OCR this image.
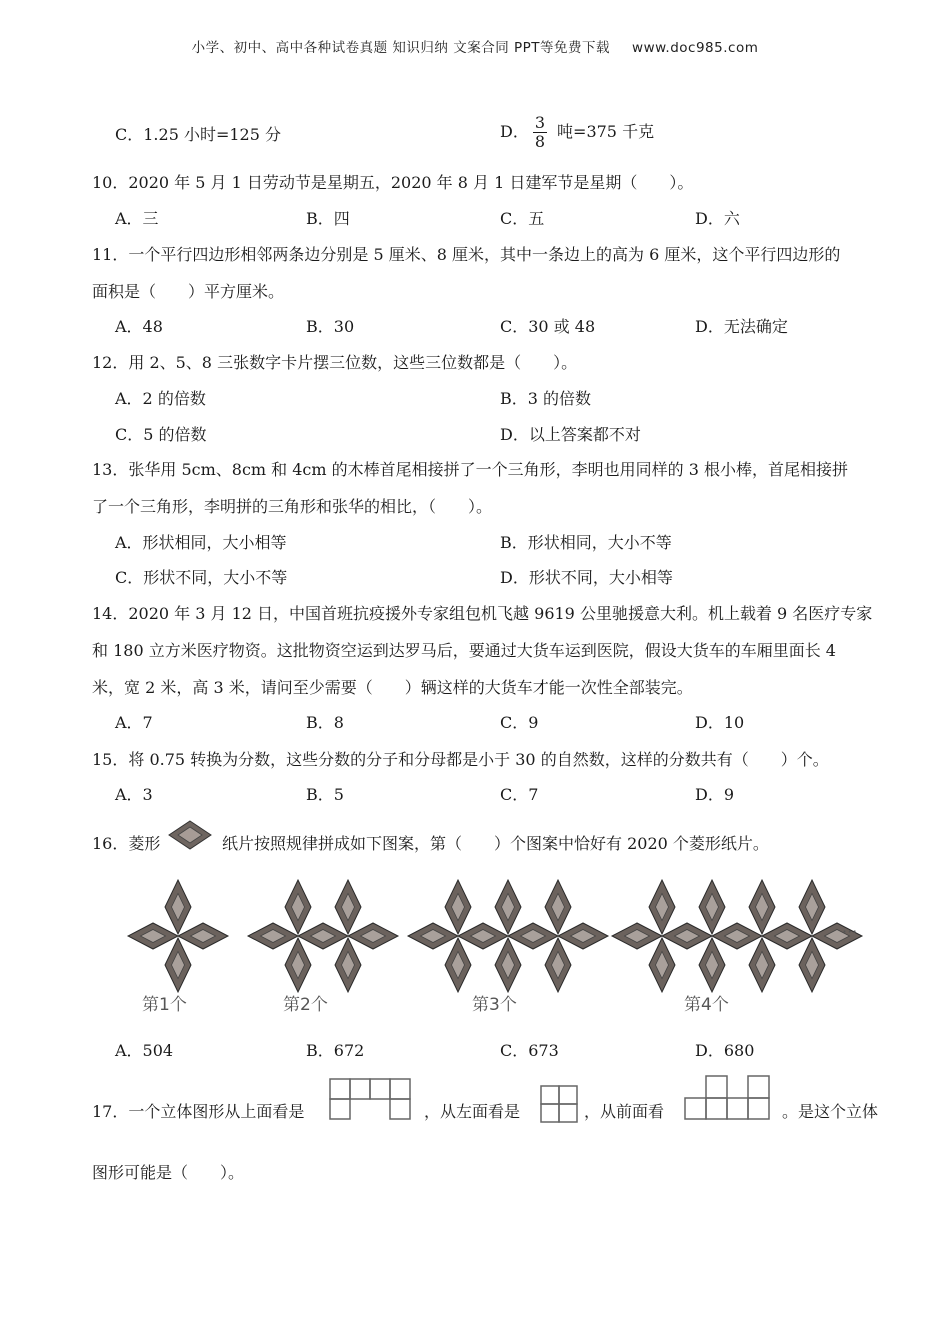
小学、初中、高中各种试卷真题 知识归纳 文案合同 PPT等免费下载 www.doc985.com
C．1.25 小时=125 分	D． $\frac{3}{8}$ 吨=375 千克
10．2020 年 5 月 1 日劳动节是星期五，2020 年 8 月 1 日建军节是星期（　　）。
A．三	B．四	C．五	D．六
11．一个平行四边形相邻两条边分别是 5 厘米、8 厘米，其中一条边上的高为 6 厘米，这个平行四边形的
面积是（　　）平方厘米。
A．48	B．30	C．30 或 48	D．无法确定
12．用 2、5、8 三张数字卡片摆三位数，这些三位数都是（　　）。
A．2 的倍数	B．3 的倍数
C．5 的倍数	D．以上答案都不对
13．张华用 5cm、8cm 和 4cm 的木棒首尾相接拼了一个三角形，李明也用同样的 3 根小棒，首尾相接拼
了一个三角形，李明拼的三角形和张华的相比，（　　）。
A．形状相同，大小相等	B．形状相同，大小不等
C．形状不同，大小不等	D．形状不同，大小相等
14．2020 年 3 月 12 日，中国首班抗疫援外专家组包机飞越 9619 公里驰援意大利。机上载着 9 名医疗专家
和 180 立方米医疗物资。这批物资空运到达罗马后，要通过大货车运到医院，假设大货车的车厢里面长 4
米，宽 2 米，高 3 米，请问至少需要（　　）辆这样的大货车才能一次性全部装完。
A．7	B．8	C．9	D．10
15．将 0.75 转换为分数，这些分数的分子和分母都是小于 30 的自然数，这样的分数共有（　　）个。
A．3	B．5	C．7	D．9
16．菱形	纸片按照规律拼成如下图案，第（　　）个图案中恰好有 2020 个菱形纸片。
第1个	第2个	第3个	第4个
···
A．504	B．672	C．673	D．680
17．一个立体图形从上面看是	，从左面看是	，从前面看	。是这个立体
图形可能是（　　）。
